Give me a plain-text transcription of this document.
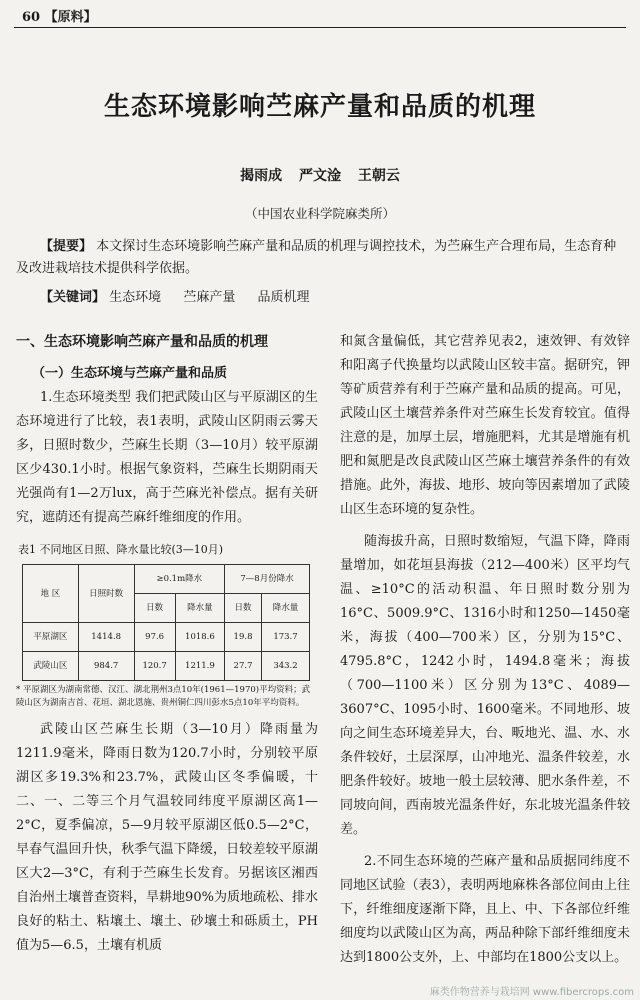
60 【原料】
生态环境影响苎麻产量和品质的机理
揭雨成 严文淦 王朝云
（中国农业科学院麻类所）

【提要】 本文探讨生态环境影响苎麻产量和品质的机理与调控技术，为苎麻生产合理布局，生态育种及改进栽培技术提供科学依据。

【关键词】 生态环境 苎麻产量 品质机理

一、生态环境影响苎麻产量和品质的机理

（一）生态环境与苎麻产量和品质

1.生态环境类型 我们把武陵山区与平原湖区的生态环境进行了比较，表1表明，武陵山区阴雨云雾天多，日照时数少，苎麻生长期（3—10月）较平原湖区少430.1小时。根据气象资料，苎麻生长期阴雨天光强尚有1—2万lux，高于苎麻光补偿点。据有关研究，遮荫还有提高苎麻纤维细度的作用。

表1 不同地区日照、降水量比较(3—10月)
地 区	日照时数	≥0.1m降水		7—8月份降水	
		日数	降水量	日数	降水量
平原湖区	1414.8	97.6	1018.6	19.8	173.7
武陵山区	984.7	120.7	1211.9	27.7	343.2
* 平原湖区为湖南常德、汉江、湖北荆州3点10年(1961—1970)平均资料；武陵山区为湖南吉首、花垣、湖北恩施、贵州铜仁四川彭水5点10年平均资料。

武陵山区苎麻生长期（3—10月）降雨量为1211.9毫米，降雨日数为120.7小时，分别较平原湖区多19.3%和23.7%，武陵山区冬季偏暖，十二、一、二等三个月气温较同纬度平原湖区高1—2°C，夏季偏凉，5—9月较平原湖区低0.5—2°C，早春气温回升快，秋季气温下降缓，日较差较平原湖区大2—3°C，有利于苎麻生长发育。另据该区湘西自治州土壤普查资料，旱耕地90%为质地疏松、排水良好的粘土、粘壤土、壤土、砂壤土和砾质土，PH值为5—6.5，土壤有机质

和氮含量偏低，其它营养见表2，速效钾、有效锌和阳离子代换量均以武陵山区较丰富。据研究，钾等矿质营养有利于苎麻产量和品质的提高。可见，武陵山区土壤营养条件对苎麻生长发育较宜。值得注意的是，加厚土层，增施肥料，尤其是增施有机肥和氮肥是改良武陵山区苎麻土壤营养条件的有效措施。此外，海拔、地形、坡向等因素增加了武陵山区生态环境的复杂性。

随海拔升高，日照时数缩短，气温下降，降雨量增加，如花垣县海拔（212—400米）区平均气温、≥10°C的活动积温、年日照时数分别为16°C、5009.9°C、1316小时和1250—1450毫米，海拔（400—700米）区，分别为15°C、4795.8°C，1242小时，1494.8毫米；海拔（700—1100米）区分别为13°C、4089—3607°C、1095小时、1600毫米。不同地形、坡向之间生态环境差异大，台、畈地光、温、水、水条件较好，土层深厚，山冲地光、温条件较差，水肥条件较好。坡地一般土层较薄、肥水条件差，不同坡向间，西南坡光温条件好，东北坡光温条件较差。

2.不同生态环境的苎麻产量和品质据同纬度不同地区试验（表3），表明两地麻株各部位间由上往下，纤维细度逐渐下降，且上、中、下各部位纤维细度均以武陵山区为高，两品种除下部纤维细度未达到1800公支外，上、中部均在1800公支以上。

麻类作物营养与栽培网 www.fibercrops.com
